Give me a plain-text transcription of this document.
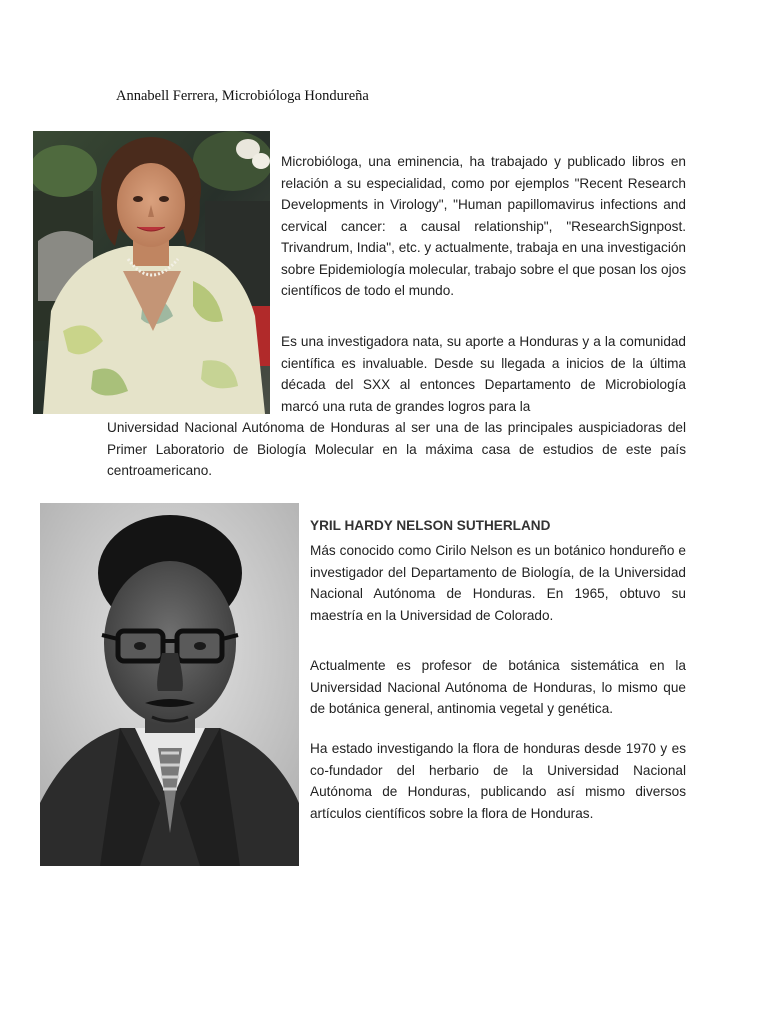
Annabell Ferrera, Microbióloga Hondureña

Microbióloga, una eminencia, ha trabajado y publicado libros en relación a su especialidad, como por ejemplos "Recent Research Developments in Virology", "Human papillomavirus infections and cervical cancer: a causal relationship", "ResearchSignpost. Trivandrum, India", etc. y actualmente, trabaja en una investigación sobre Epidemiología molecular, trabajo sobre el que posan los ojos científicos de todo el mundo.

Es una investigadora nata, su aporte a Honduras y a la comunidad científica es invaluable. Desde su llegada a inicios de la última década del SXX al entonces Departamento de Microbiología marcó una ruta de grandes logros para la

Universidad Nacional Autónoma de Honduras al ser una de las principales auspiciadoras del Primer Laboratorio de Biología Molecular en la máxima casa de estudios de este país centroamericano.

YRIL HARDY NELSON SUTHERLAND

Más conocido como Cirilo Nelson es un botánico hondureño e investigador del Departamento de Biología, de la Universidad Nacional Autónoma de Honduras. En 1965, obtuvo su maestría en la Universidad de Colorado.

Actualmente es profesor de botánica sistemática en la Universidad Nacional Autónoma de Honduras, lo mismo que de botánica general, antinomia vegetal y genética.

Ha estado investigando la flora de honduras desde 1970 y es co-fundador del herbario de la Universidad Nacional Autónoma de Honduras, publicando así mismo diversos artículos científicos sobre la flora de Honduras.
